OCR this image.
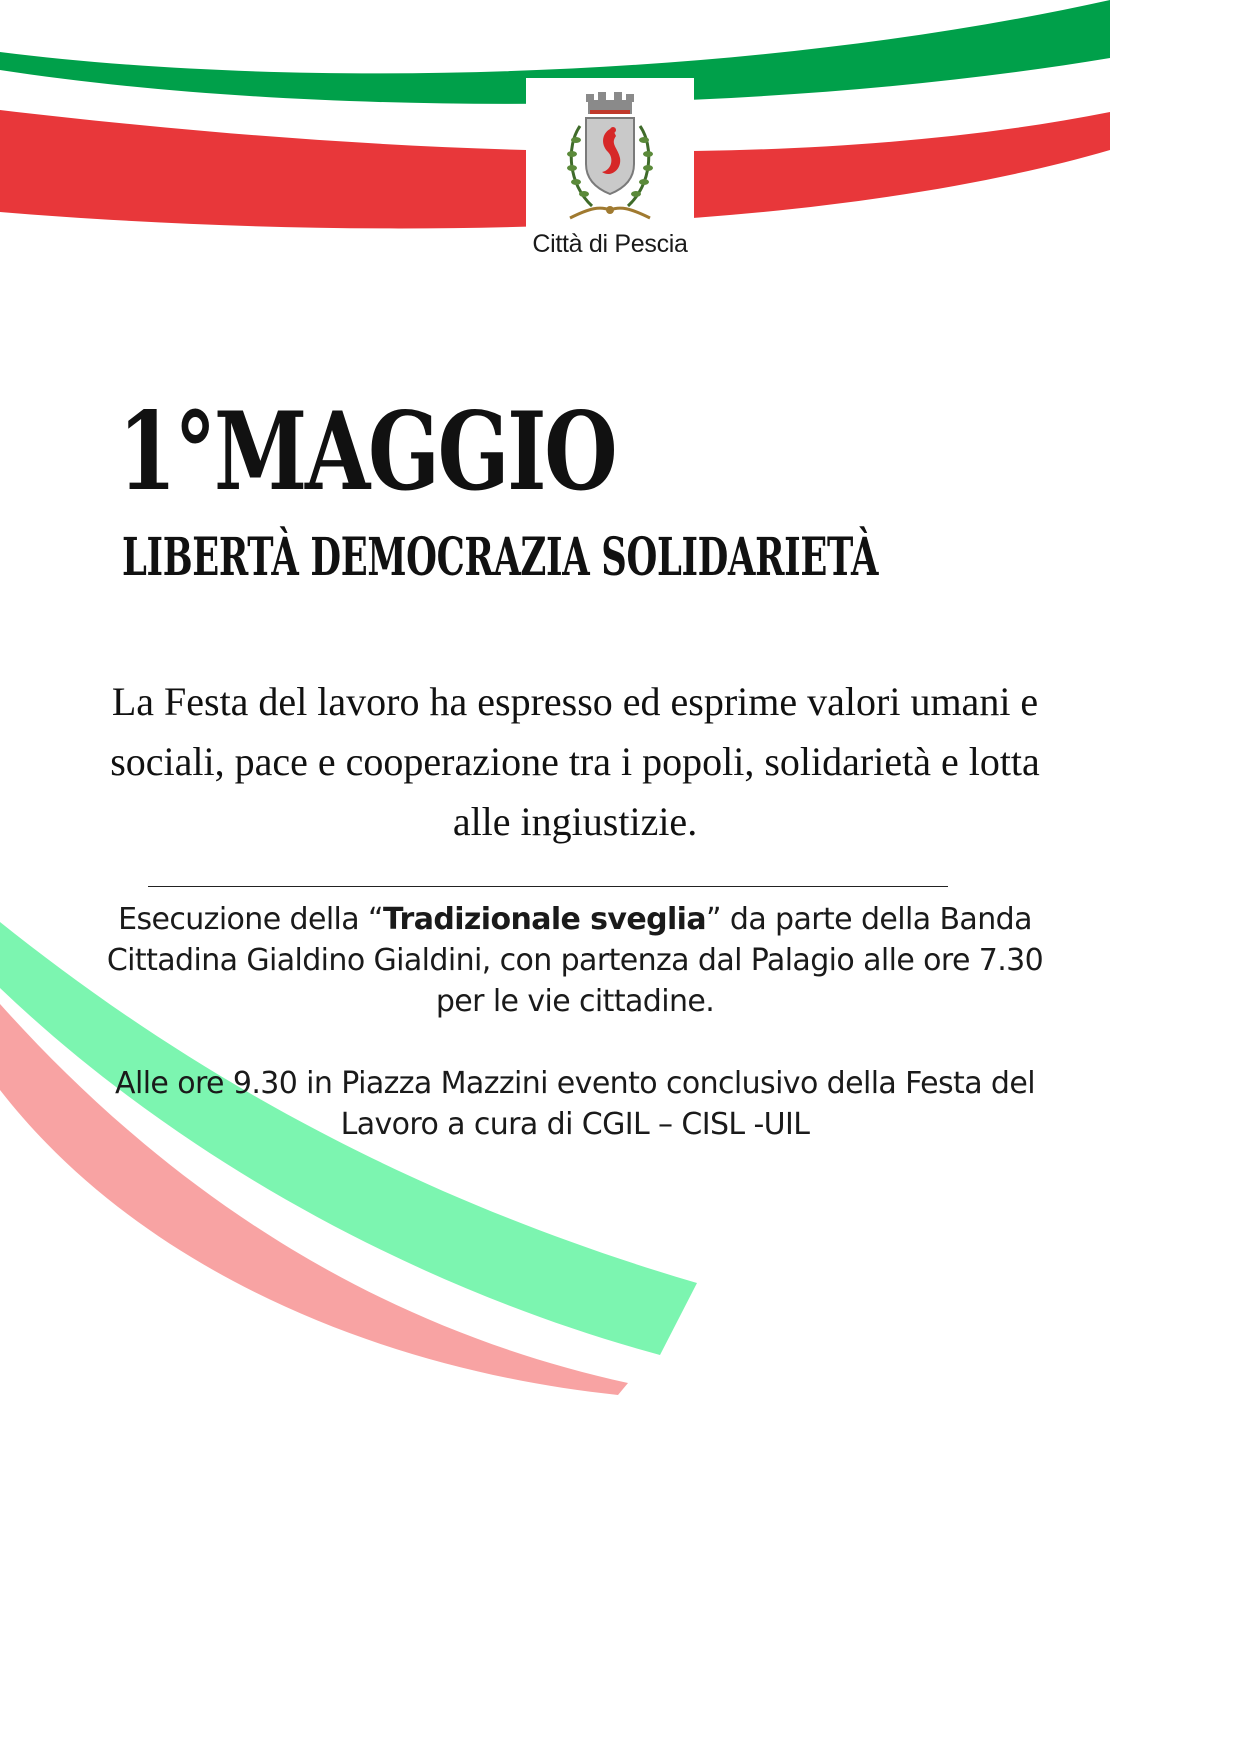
Città di Pescia
1°MAGGIO
LIBERTÀ DEMOCRAZIA SOLIDARIETÀ

La Festa del lavoro ha espresso ed esprime valori umani e sociali, pace e cooperazione tra i popoli, solidarietà e lotta alle ingiustizie.

Esecuzione della “Tradizionale sveglia” da parte della Banda Cittadina Gialdino Gialdini, con partenza dal Palagio alle ore 7.30 per le vie cittadine.

Alle ore 9.30 in Piazza Mazzini evento conclusivo della Festa del Lavoro a cura di CGIL – CISL -UIL
